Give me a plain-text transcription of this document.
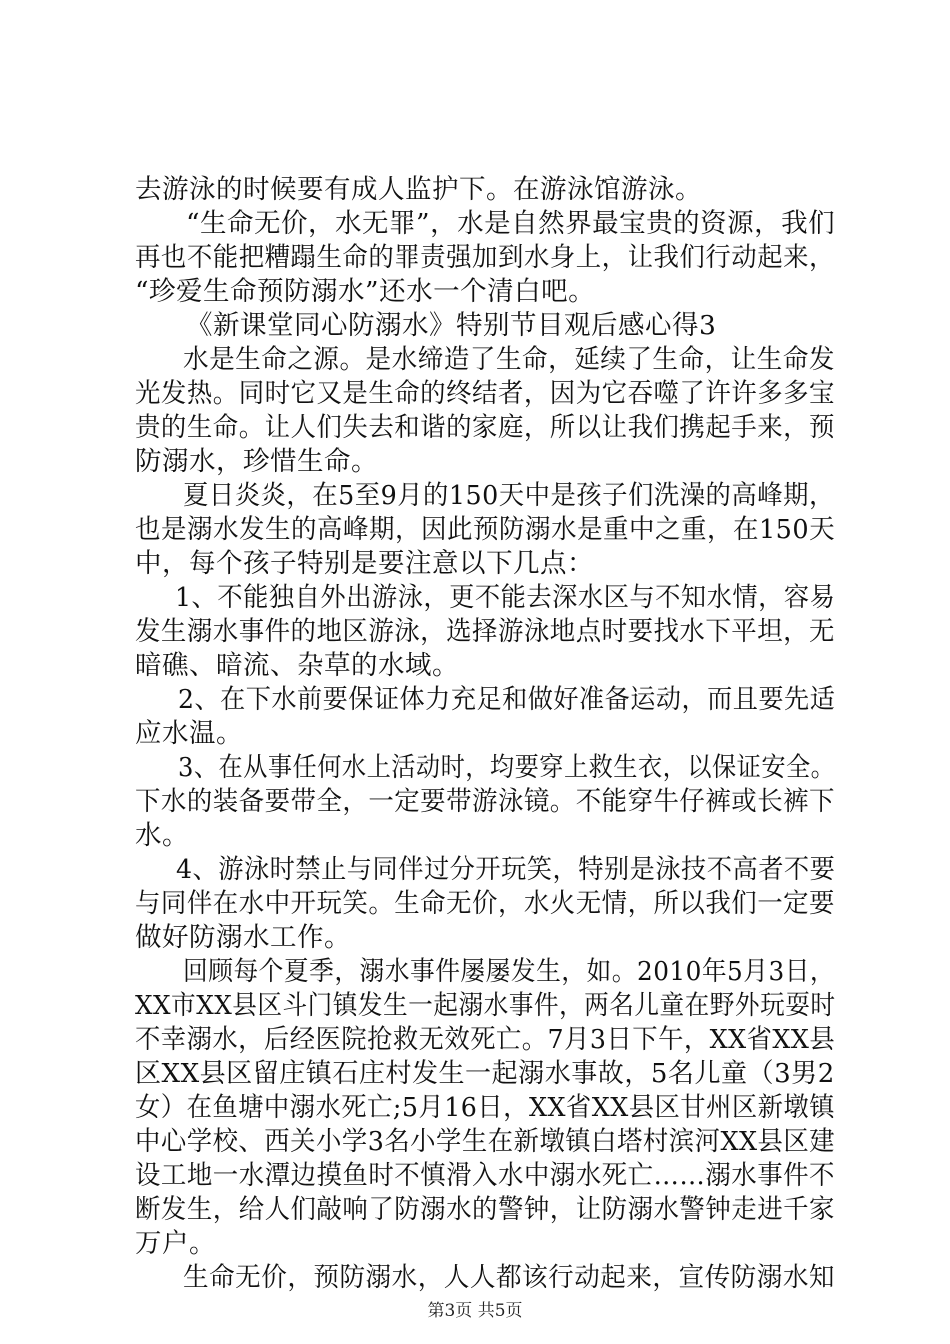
去游泳的时候要有成人监护下。在游泳馆游泳。
“生命无价，水无罪”，水是自然界最宝贵的资源，我们
再也不能把糟蹋生命的罪责强加到水身上，让我们行动起来，
“珍爱生命预防溺水”还水一个清白吧。
《新课堂同心防溺水》特别节目观后感心得3
水是生命之源。是水缔造了生命，延续了生命，让生命发
光发热。同时它又是生命的终结者，因为它吞噬了许许多多宝
贵的生命。让人们失去和谐的家庭，所以让我们携起手来，预
防溺水，珍惜生命。
夏日炎炎，在5至9月的150天中是孩子们洗澡的高峰期，
也是溺水发生的高峰期，因此预防溺水是重中之重，在150天
中，每个孩子特别是要注意以下几点：
1、不能独自外出游泳，更不能去深水区与不知水情，容易
发生溺水事件的地区游泳，选择游泳地点时要找水下平坦，无
暗礁、暗流、杂草的水域。
2、在下水前要保证体力充足和做好准备运动，而且要先适
应水温。
3、在从事任何水上活动时，均要穿上救生衣，以保证安全。
下水的装备要带全，一定要带游泳镜。不能穿牛仔裤或长裤下
水。
4、游泳时禁止与同伴过分开玩笑，特别是泳技不高者不要
与同伴在水中开玩笑。生命无价，水火无情，所以我们一定要
做好防溺水工作。
回顾每个夏季，溺水事件屡屡发生，如。2010年5月3日，
XX市XX县区斗门镇发生一起溺水事件，两名儿童在野外玩耍时
不幸溺水，后经医院抢救无效死亡。7月3日下午，XX省XX县
区XX县区留庄镇石庄村发生一起溺水事故，5名儿童（3男2
女）在鱼塘中溺水死亡;5月16日，XX省XX县区甘州区新墩镇
中心学校、西关小学3名小学生在新墩镇白塔村滨河XX县区建
设工地一水潭边摸鱼时不慎滑入水中溺水死亡……溺水事件不
断发生，给人们敲响了防溺水的警钟，让防溺水警钟走进千家
万户。
生命无价，预防溺水，人人都该行动起来，宣传防溺水知
第3页 共5页
